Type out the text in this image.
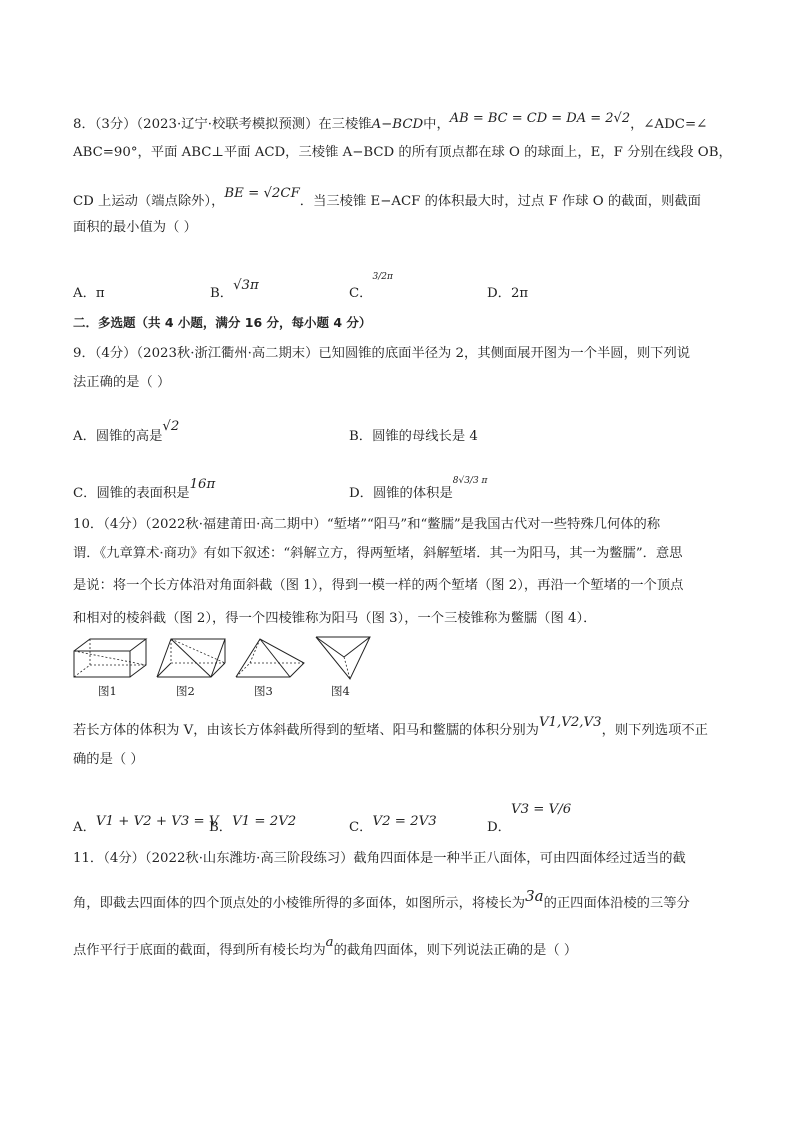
8．（3分）（2023·辽宁·校联考模拟预测）在三棱锥A−BCD中，AB = BC = CD = DA = 2√2，∠ADC=∠
ABC=90°，平面 ABC⊥平面 ACD，三棱锥 A−BCD 的所有顶点都在球 O 的球面上，E，F 分别在线段 OB，
CD 上运动（端点除外），BE = √2CF．当三棱锥 E−ACF 的体积最大时，过点 F 作球 O 的截面，则截面
面积的最小值为（ ）
A．π	B．√3π
C．$^{3/2\pi}$
D．2π
二．多选题（共 4 小题，满分 16 分，每小题 4 分）
9．（4分）（2023秋·浙江衢州·高二期末）已知圆锥的底面半径为 2，其侧面展开图为一个半圆，则下列说
法正确的是（ ）
A．圆锥的高是√2
B．圆锥的母线长是 4
C．圆锥的表面积是16π
D．圆锥的体积是$^{8√3/3 \pi}$
10．（4分）（2022秋·福建莆田·高二期中）“堑堵”“阳马”和“鳖臑”是我国古代对一些特殊几何体的称
谓．《九章算术·商功》有如下叙述：“斜解立方，得两堑堵，斜解堑堵．其一为阳马，其一为鳖臑”．意思
是说：将一个长方体沿对角面斜截（图 1），得到一模一样的两个堑堵（图 2），再沿一个堑堵的一个顶点
和相对的棱斜截（图 2），得一个四棱锥称为阳马（图 3），一个三棱锥称为鳖臑（图 4）．
图1	图2	图3	图4
若长方体的体积为 V，由该长方体斜截所得到的堑堵、阳马和鳖臑的体积分别为V1,V2,V3，则下列选项不正
确的是（ ）
A．V1 + V2 + V3 = V
B．V1 = 2V2	C．V2 = 2V3	D．V3 = V/6
11．（4分）（2022秋·山东潍坊·高三阶段练习）截角四面体是一种半正八面体，可由四面体经过适当的截
角，即截去四面体的四个顶点处的小棱锥所得的多面体，如图所示，将棱长为3a的正四面体沿棱的三等分
点作平行于底面的截面，得到所有棱长均为a的截角四面体，则下列说法正确的是（ ）
